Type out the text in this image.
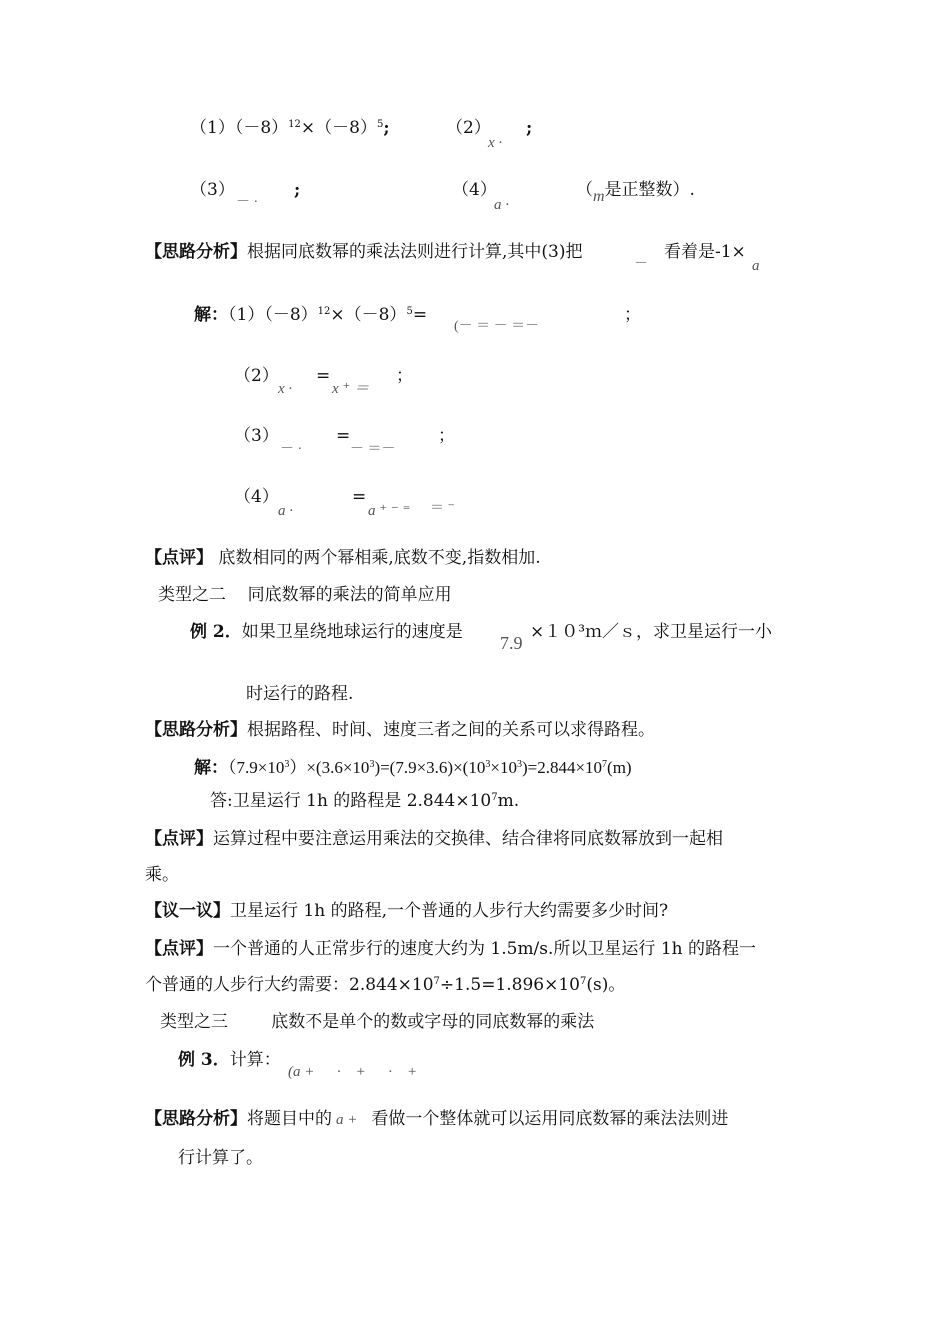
$(1)(-8)^{12}\times(-8)^5$;	（2）
x ·
;
（3）
－ ·
;	（4）
a ·
（m是正整数）.
【思路分析】根据同底数幂的乘法法则进行计算,其中(3)把
－
看着是-1×
a
解：$(1)(-8)^{12}\times(-8)^5=$
(－ ＝ － ＝－
；
（2）
x ·
=
x ⁺ ＝
；
（3）
－ ·
=
－ ＝－
；
（4）
a ·
=
a ⁺ ⁻ ⁼ ＝ ⁻
【点评】 底数相同的两个幂相乘,底数不变,指数相加.
类型之二    同底数幂的乘法的简单应用
例 2．如果卫星绕地球运行的速度是
7.9
×１０³ｍ／ｓ，求卫星运行一小
时运行的路程.
【思路分析】根据路程、时间、速度三者之间的关系可以求得路程。
解：$(7.9\times 10^3)\times(3.6\times 10^3)=(7.9\times 3.6)\times(10^3\times 10^3)=2.844\times 10^7(m)$
答:卫星运行 1h 的路程是 $2.844\times 10^7m$.
【点评】运算过程中要注意运用乘法的交换律、结合律将同底数幂放到一起相
乘。
【议一议】卫星运行 1h 的路程,一个普通的人步行大约需要多少时间?
【点评】一个普通的人正常步行的速度大约为 1.5m/s.所以卫星运行 1h 的路程一
个普通的人步行大约需要：$2.844\times 10^7\div 1.5=1.896\times 10^7(s)$。
类型之三        底数不是单个的数或字母的同底数幂的乘法
例 3．计算：
(a +      ·    +      ·    +
【思路分析】将题目中的 a + 看做一个整体就可以运用同底数幂的乘法法则进
行计算了。
